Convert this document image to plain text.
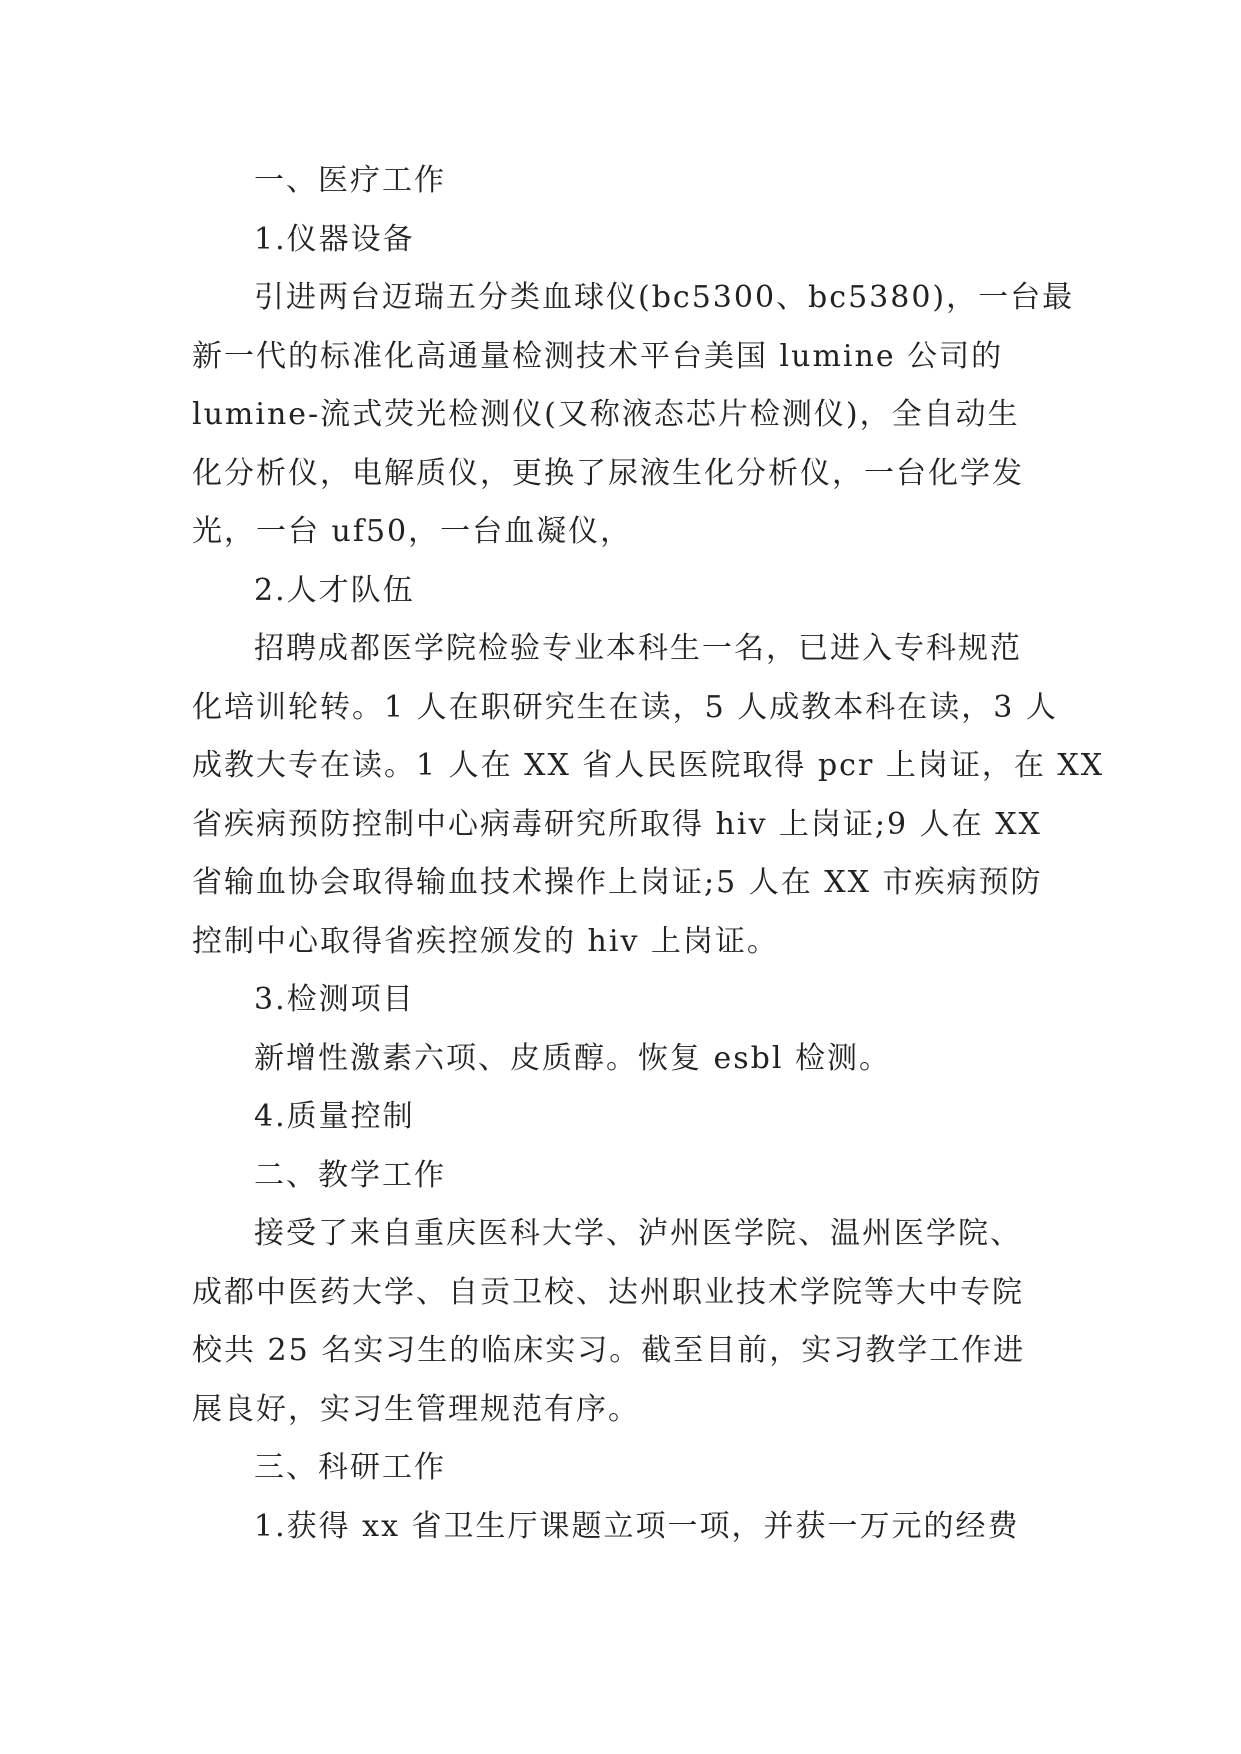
一、医疗工作

1.仪器设备

引进两台迈瑞五分类血球仪(bc5300、bc5380)，一台最

新一代的标准化高通量检测技术平台美国 lumine 公司的

lumine-流式荧光检测仪(又称液态芯片检测仪)，全自动生

化分析仪，电解质仪，更换了尿液生化分析仪，一台化学发

光，一台 uf50，一台血凝仪，

2.人才队伍

招聘成都医学院检验专业本科生一名，已进入专科规范

化培训轮转。1 人在职研究生在读，5 人成教本科在读，3 人

成教大专在读。1 人在 XX 省人民医院取得 pcr 上岗证，在 XX

省疾病预防控制中心病毒研究所取得 hiv 上岗证;9 人在 XX

省输血协会取得输血技术操作上岗证;5 人在 XX 市疾病预防

控制中心取得省疾控颁发的 hiv 上岗证。

3.检测项目

新增性激素六项、皮质醇。恢复 esbl 检测。

4.质量控制

二、教学工作

接受了来自重庆医科大学、泸州医学院、温州医学院、

成都中医药大学、自贡卫校、达州职业技术学院等大中专院

校共 25 名实习生的临床实习。截至目前，实习教学工作进

展良好，实习生管理规范有序。

三、科研工作

1.获得 xx 省卫生厅课题立项一项，并获一万元的经费
